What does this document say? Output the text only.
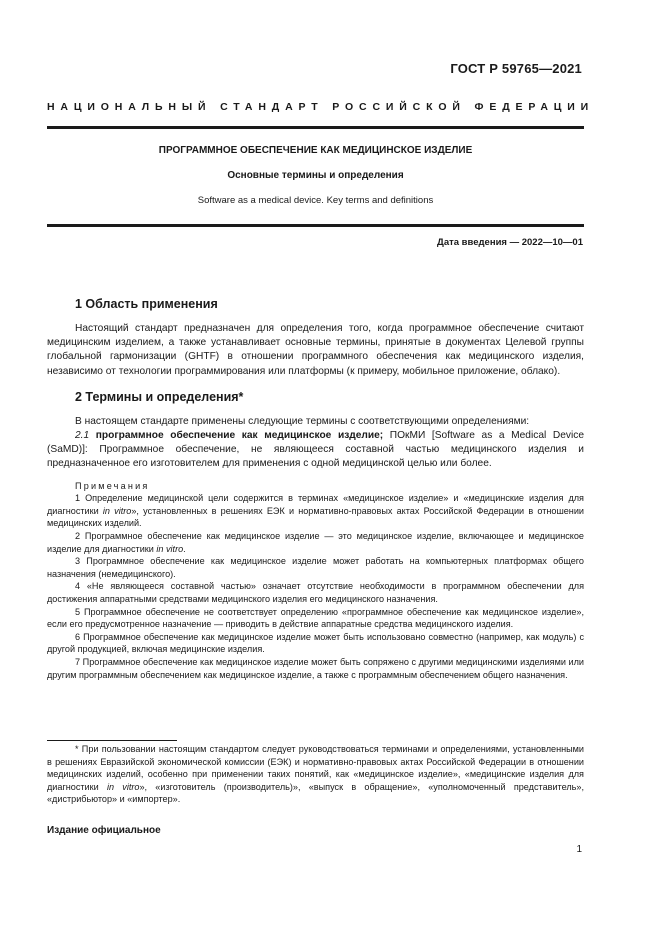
ГОСТ Р 59765—2021
НАЦИОНАЛЬНЫЙ СТАНДАРТ РОССИЙСКОЙ ФЕДЕРАЦИИ
ПРОГРАММНОЕ ОБЕСПЕЧЕНИЕ КАК МЕДИЦИНСКОЕ ИЗДЕЛИЕ
Основные термины и определения
Software as a medical device. Key terms and definitions
Дата введения — 2022—10—01
1 Область применения

Настоящий стандарт предназначен для определения того, когда программное обеспечение считают медицинским изделием, а также устанавливает основные термины, принятые в документах Целевой группы глобальной гармонизации (GHTF) в отношении программного обеспечения как медицинского изделия, независимо от технологии программирования или платформы (к примеру, мобильное приложение, облако).

2 Термины и определения*

В настоящем стандарте применены следующие термины с соответствующими определениями:

2.1 программное обеспечение как медицинское изделие; ПОкМИ [Software as a Medical Device (SaMD)]: Программное обеспечение, не являющееся составной частью медицинского изделия и предназначенное его изготовителем для применения с одной медицинской целью или более.

Примечания

1 Определение медицинской цели содержится в терминах «медицинское изделие» и «медицинские изделия для диагностики in vitro», установленных в решениях ЕЭК и нормативно-правовых актах Российской Федерации в отношении медицинских изделий.

2 Программное обеспечение как медицинское изделие — это медицинское изделие, включающее и медицинское изделие для диагностики in vitro.

3 Программное обеспечение как медицинское изделие может работать на компьютерных платформах общего назначения (немедицинского).

4 «Не являющееся составной частью» означает отсутствие необходимости в программном обеспечении для достижения аппаратными средствами медицинского изделия его медицинского назначения.

5 Программное обеспечение не соответствует определению «программное обеспечение как медицинское изделие», если его предусмотренное назначение — приводить в действие аппаратные средства медицинского изделия.

6 Программное обеспечение как медицинское изделие может быть использовано совместно (например, как модуль) с другой продукцией, включая медицинские изделия.

7 Программное обеспечение как медицинское изделие может быть сопряжено с другими медицинскими изделиями или другим программным обеспечением как медицинское изделие, а также с программным обеспечением общего назначения.

* При пользовании настоящим стандартом следует руководствоваться терминами и определениями, установленными в решениях Евразийской экономической комиссии (ЕЭК) и нормативно-правовых актах Российской Федерации в отношении медицинских изделий, особенно при применении таких понятий, как «медицинское изделие», «медицинские изделия для диагностики in vitro», «изготовитель (производитель)», «выпуск в обращение», «уполномоченный представитель», «дистрибьютор» и «импортер».
Издание официальное
1
